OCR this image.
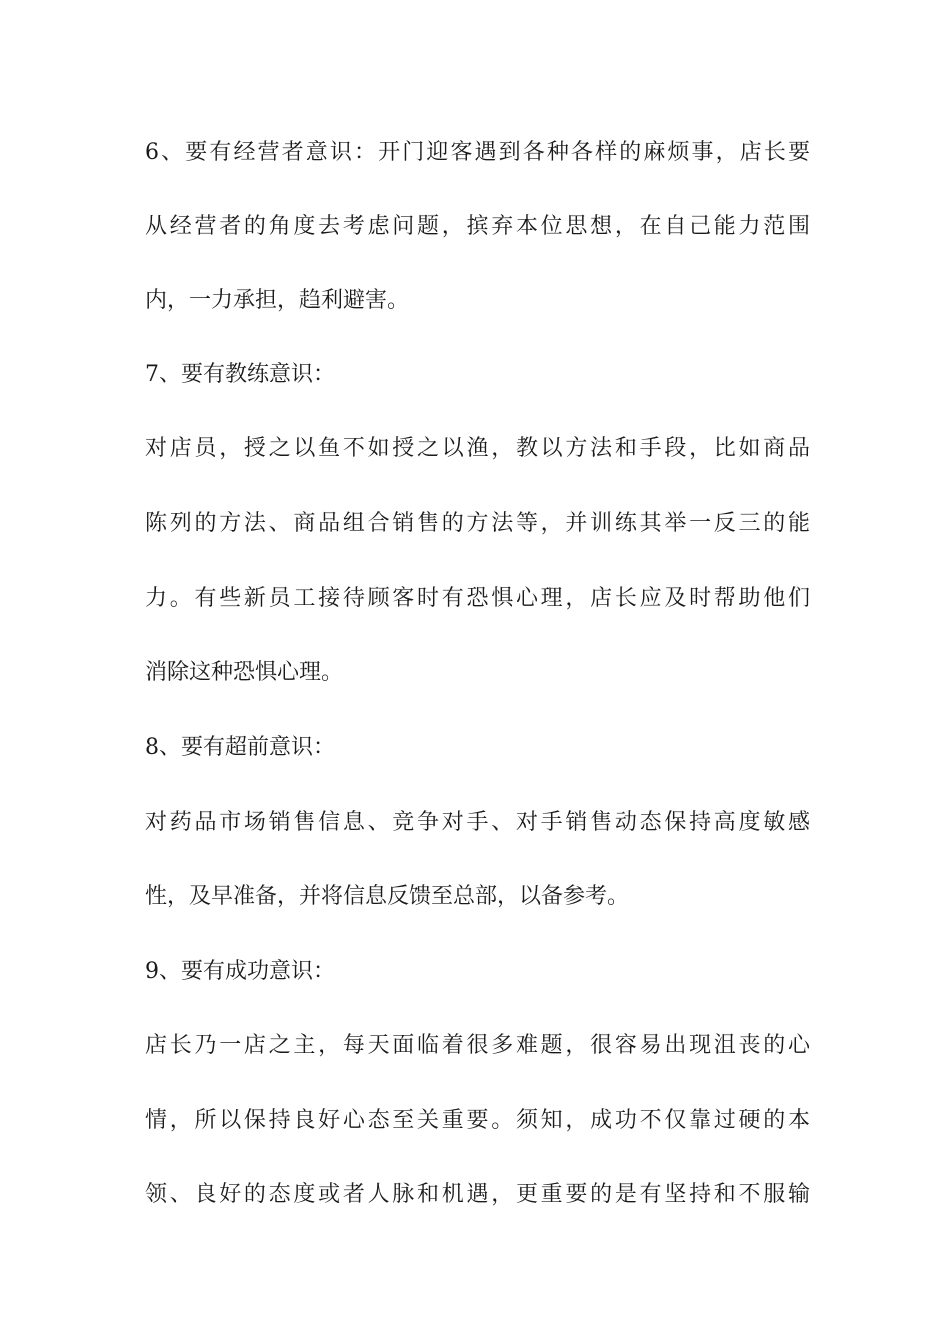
6、要有经营者意识：开门迎客遇到各种各样的麻烦事，店长要
从经营者的角度去考虑问题，摈弃本位思想，在自己能力范围
内，一力承担，趋利避害。
7、要有教练意识：
对店员，授之以鱼不如授之以渔，教以方法和手段，比如商品
陈列的方法、商品组合销售的方法等，并训练其举一反三的能
力。有些新员工接待顾客时有恐惧心理，店长应及时帮助他们
消除这种恐惧心理。
8、要有超前意识：
对药品市场销售信息、竞争对手、对手销售动态保持高度敏感
性，及早准备，并将信息反馈至总部，以备参考。
9、要有成功意识：
店长乃一店之主，每天面临着很多难题，很容易出现沮丧的心
情，所以保持良好心态至关重要。须知，成功不仅靠过硬的本
领、良好的态度或者人脉和机遇，更重要的是有坚持和不服输
